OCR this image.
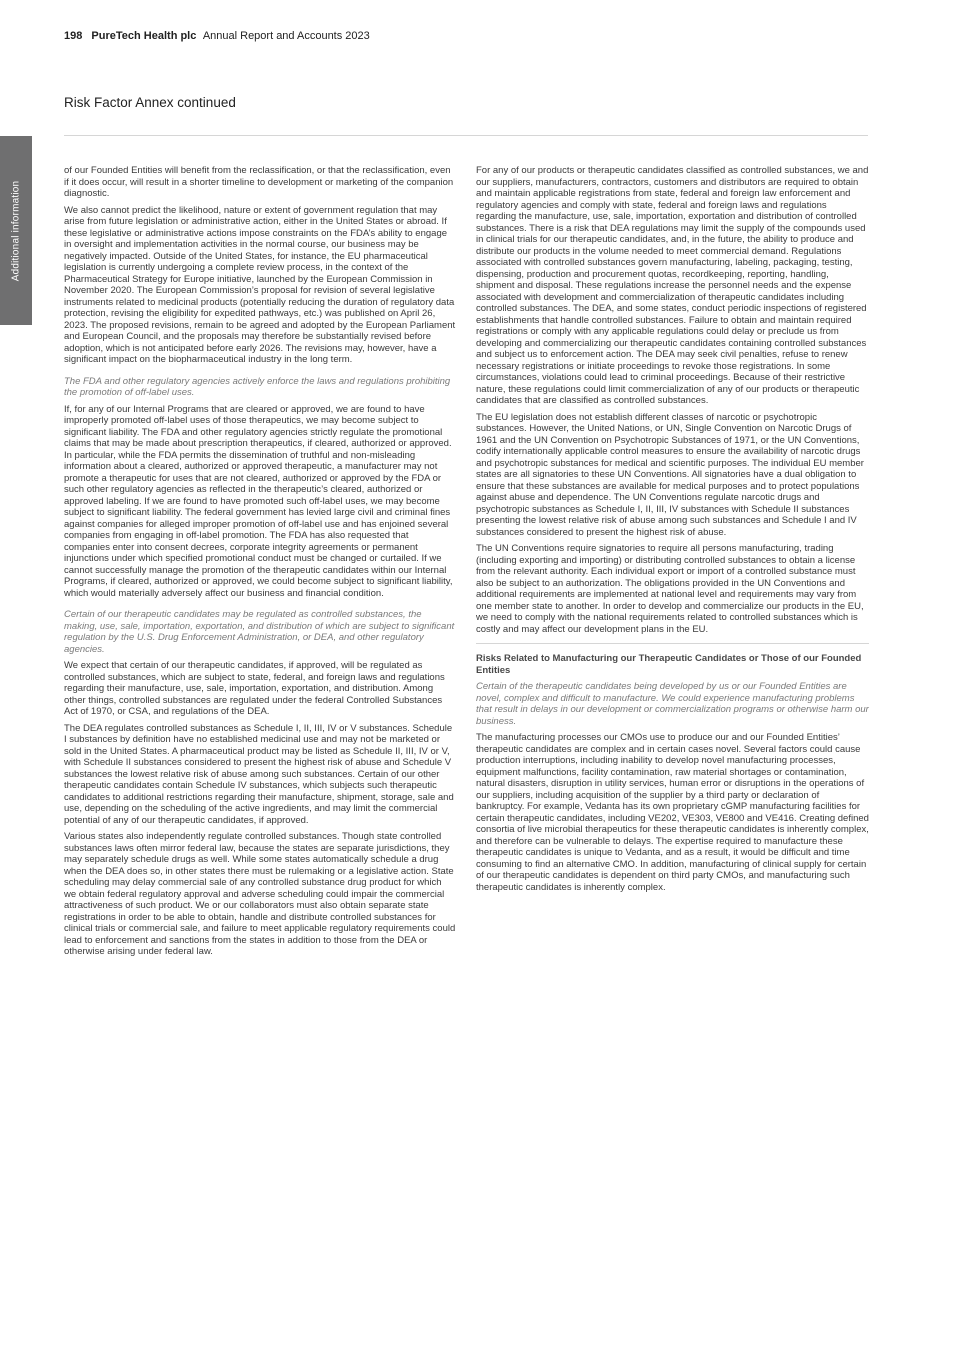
198 PureTech Health plc Annual Report and Accounts 2023
Risk Factor Annex continued
Additional information

of our Founded Entities will benefit from the reclassification, or that the reclassification, even if it does occur, will result in a shorter timeline to development or marketing of the companion diagnostic.

We also cannot predict the likelihood, nature or extent of government regulation that may arise from future legislation or administrative action, either in the United States or abroad. If these legislative or administrative actions impose constraints on the FDA’s ability to engage in oversight and implementation activities in the normal course, our business may be negatively impacted. Outside of the United States, for instance, the EU pharmaceutical legislation is currently undergoing a complete review process, in the context of the Pharmaceutical Strategy for Europe initiative, launched by the European Commission in November 2020. The European Commission’s proposal for revision of several legislative instruments related to medicinal products (potentially reducing the duration of regulatory data protection, revising the eligibility for expedited pathways, etc.) was published on April 26, 2023. The proposed revisions, remain to be agreed and adopted by the European Parliament and European Council, and the proposals may therefore be substantially revised before adoption, which is not anticipated before early 2026. The revisions may, however, have a significant impact on the biopharmaceutical industry in the long term.

The FDA and other regulatory agencies actively enforce the laws and regulations prohibiting the promotion of off-label uses.

If, for any of our Internal Programs that are cleared or approved, we are found to have improperly promoted off-label uses of those therapeutics, we may become subject to significant liability. The FDA and other regulatory agencies strictly regulate the promotional claims that may be made about prescription therapeutics, if cleared, authorized or approved. In particular, while the FDA permits the dissemination of truthful and non-misleading information about a cleared, authorized or approved therapeutic, a manufacturer may not promote a therapeutic for uses that are not cleared, authorized or approved by the FDA or such other regulatory agencies as reflected in the therapeutic’s cleared, authorized or approved labeling. If we are found to have promoted such off-label uses, we may become subject to significant liability. The federal government has levied large civil and criminal fines against companies for alleged improper promotion of off-label use and has enjoined several companies from engaging in off-label promotion. The FDA has also requested that companies enter into consent decrees, corporate integrity agreements or permanent injunctions under which specified promotional conduct must be changed or curtailed. If we cannot successfully manage the promotion of the therapeutic candidates within our Internal Programs, if cleared, authorized or approved, we could become subject to significant liability, which would materially adversely affect our business and financial condition.

Certain of our therapeutic candidates may be regulated as controlled substances, the making, use, sale, importation, exportation, and distribution of which are subject to significant regulation by the U.S. Drug Enforcement Administration, or DEA, and other regulatory agencies.

We expect that certain of our therapeutic candidates, if approved, will be regulated as controlled substances, which are subject to state, federal, and foreign laws and regulations regarding their manufacture, use, sale, importation, exportation, and distribution. Among other things, controlled substances are regulated under the federal Controlled Substances Act of 1970, or CSA, and regulations of the DEA.

The DEA regulates controlled substances as Schedule I, II, III, IV or V substances. Schedule I substances by definition have no established medicinal use and may not be marketed or sold in the United States. A pharmaceutical product may be listed as Schedule II, III, IV or V, with Schedule II substances considered to present the highest risk of abuse and Schedule V substances the lowest relative risk of abuse among such substances. Certain of our other therapeutic candidates contain Schedule IV substances, which subjects such therapeutic candidates to additional restrictions regarding their manufacture, shipment, storage, sale and use, depending on the scheduling of the active ingredients, and may limit the commercial potential of any of our therapeutic candidates, if approved.

Various states also independently regulate controlled substances. Though state controlled substances laws often mirror federal law, because the states are separate jurisdictions, they may separately schedule drugs as well. While some states automatically schedule a drug when the DEA does so, in other states there must be rulemaking or a legislative action. State scheduling may delay commercial sale of any controlled substance drug product for which we obtain federal regulatory approval and adverse scheduling could impair the commercial attractiveness of such product. We or our collaborators must also obtain separate state registrations in order to be able to obtain, handle and distribute controlled substances for clinical trials or commercial sale, and failure to meet applicable regulatory requirements could lead to enforcement and sanctions from the states in addition to those from the DEA or otherwise arising under federal law.

For any of our products or therapeutic candidates classified as controlled substances, we and our suppliers, manufacturers, contractors, customers and distributors are required to obtain and maintain applicable registrations from state, federal and foreign law enforcement and regulatory agencies and comply with state, federal and foreign laws and regulations regarding the manufacture, use, sale, importation, exportation and distribution of controlled substances. There is a risk that DEA regulations may limit the supply of the compounds used in clinical trials for our therapeutic candidates, and, in the future, the ability to produce and distribute our products in the volume needed to meet commercial demand. Regulations associated with controlled substances govern manufacturing, labeling, packaging, testing, dispensing, production and procurement quotas, recordkeeping, reporting, handling, shipment and disposal. These regulations increase the personnel needs and the expense associated with development and commercialization of therapeutic candidates including controlled substances. The DEA, and some states, conduct periodic inspections of registered establishments that handle controlled substances. Failure to obtain and maintain required registrations or comply with any applicable regulations could delay or preclude us from developing and commercializing our therapeutic candidates containing controlled substances and subject us to enforcement action. The DEA may seek civil penalties, refuse to renew necessary registrations or initiate proceedings to revoke those registrations. In some circumstances, violations could lead to criminal proceedings. Because of their restrictive nature, these regulations could limit commercialization of any of our products or therapeutic candidates that are classified as controlled substances.

The EU legislation does not establish different classes of narcotic or psychotropic substances. However, the United Nations, or UN, Single Convention on Narcotic Drugs of 1961 and the UN Convention on Psychotropic Substances of 1971, or the UN Conventions, codify internationally applicable control measures to ensure the availability of narcotic drugs and psychotropic substances for medical and scientific purposes. The individual EU member states are all signatories to these UN Conventions. All signatories have a dual obligation to ensure that these substances are available for medical purposes and to protect populations against abuse and dependence. The UN Conventions regulate narcotic drugs and psychotropic substances as Schedule I, II, III, IV substances with Schedule II substances presenting the lowest relative risk of abuse among such substances and Schedule I and IV substances considered to present the highest risk of abuse.

The UN Conventions require signatories to require all persons manufacturing, trading (including exporting and importing) or distributing controlled substances to obtain a license from the relevant authority. Each individual export or import of a controlled substance must also be subject to an authorization. The obligations provided in the UN Conventions and additional requirements are implemented at national level and requirements may vary from one member state to another. In order to develop and commercialize our products in the EU, we need to comply with the national requirements related to controlled substances which is costly and may affect our development plans in the EU.

Risks Related to Manufacturing our Therapeutic Candidates or Those of our Founded Entities

Certain of the therapeutic candidates being developed by us or our Founded Entities are novel, complex and difficult to manufacture. We could experience manufacturing problems that result in delays in our development or commercialization programs or otherwise harm our business.

The manufacturing processes our CMOs use to produce our and our Founded Entities’ therapeutic candidates are complex and in certain cases novel. Several factors could cause production interruptions, including inability to develop novel manufacturing processes, equipment malfunctions, facility contamination, raw material shortages or contamination, natural disasters, disruption in utility services, human error or disruptions in the operations of our suppliers, including acquisition of the supplier by a third party or declaration of bankruptcy. For example, Vedanta has its own proprietary cGMP manufacturing facilities for certain therapeutic candidates, including VE202, VE303, VE800 and VE416. Creating defined consortia of live microbial therapeutics for these therapeutic candidates is inherently complex, and therefore can be vulnerable to delays. The expertise required to manufacture these therapeutic candidates is unique to Vedanta, and as a result, it would be difficult and time consuming to find an alternative CMO. In addition, manufacturing of clinical supply for certain of our therapeutic candidates is dependent on third party CMOs, and manufacturing such therapeutic candidates is inherently complex.
